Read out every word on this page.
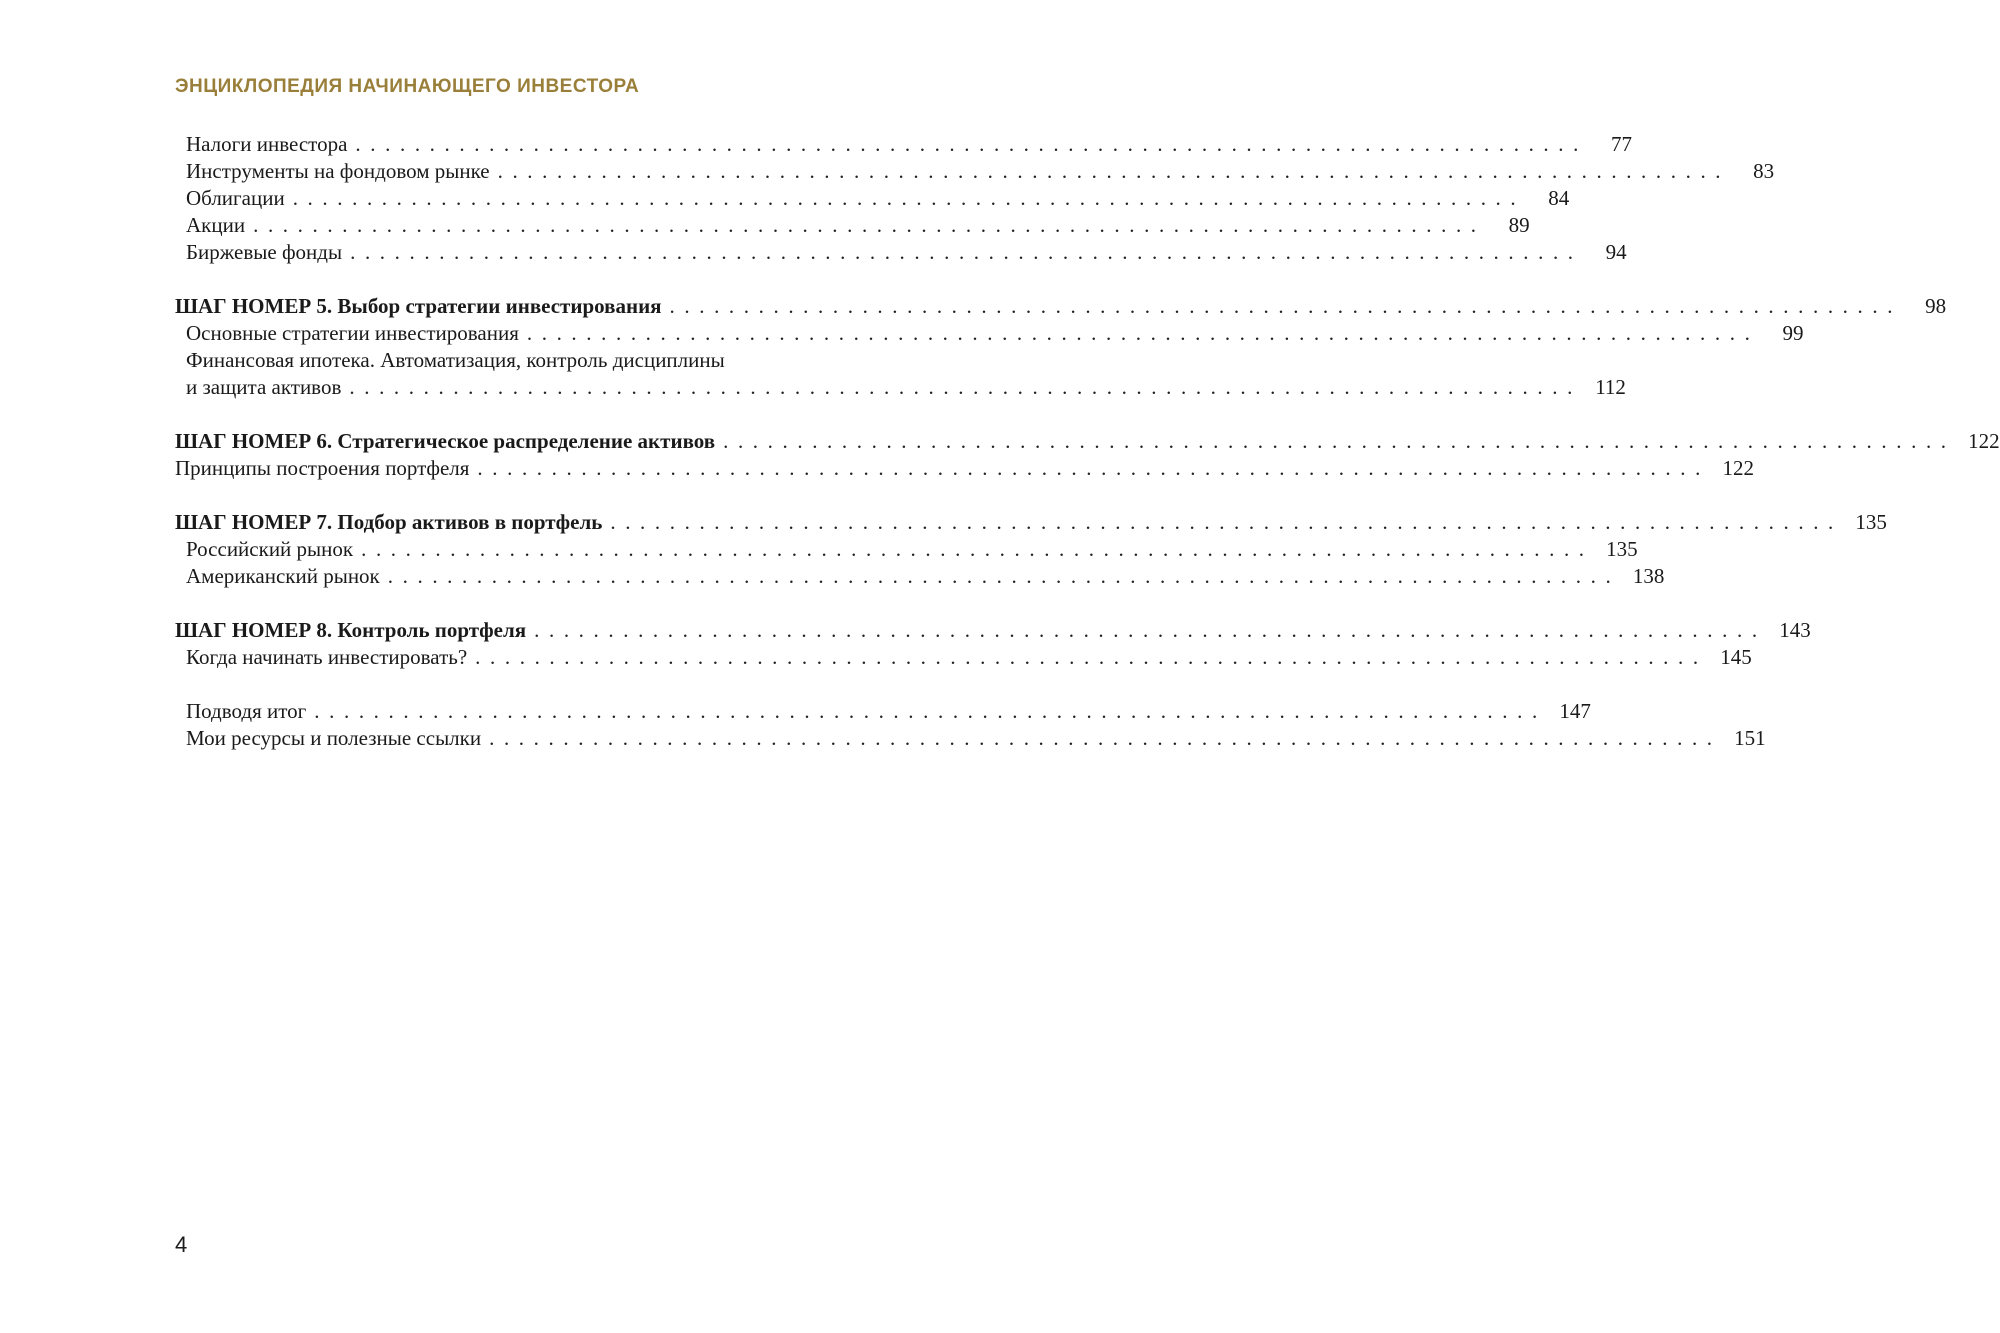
ЭНЦИКЛОПЕДИЯ НАЧИНАЮЩЕГО ИНВЕСТОРА
Налоги инвестора ...................................................................................	77
Инструменты на фондовом рынке ...................................................................................	83
Облигации ...................................................................................	84
Акции ...................................................................................	89
Биржевые фонды ...................................................................................	94
ШАГ НОМЕР 5. Выбор стратегии инвестирования ...................................................................................	98
Основные стратегии инвестирования ...................................................................................	99
Финансовая ипотека. Автоматизация, контроль дисциплины
и защита активов ................................................................................... 112
ШАГ НОМЕР 6. Стратегическое распределение активов ................................................................................... 122
Принципы построения портфеля ................................................................................... 122
ШАГ НОМЕР 7. Подбор активов в портфель ................................................................................... 135
Российский рынок ................................................................................... 135
Американский рынок ................................................................................... 138
ШАГ НОМЕР 8. Контроль портфеля ................................................................................... 143
Когда начинать инвестировать? ................................................................................... 145
Подводя итог ................................................................................... 147
Мои ресурсы и полезные ссылки ................................................................................... 151
4
